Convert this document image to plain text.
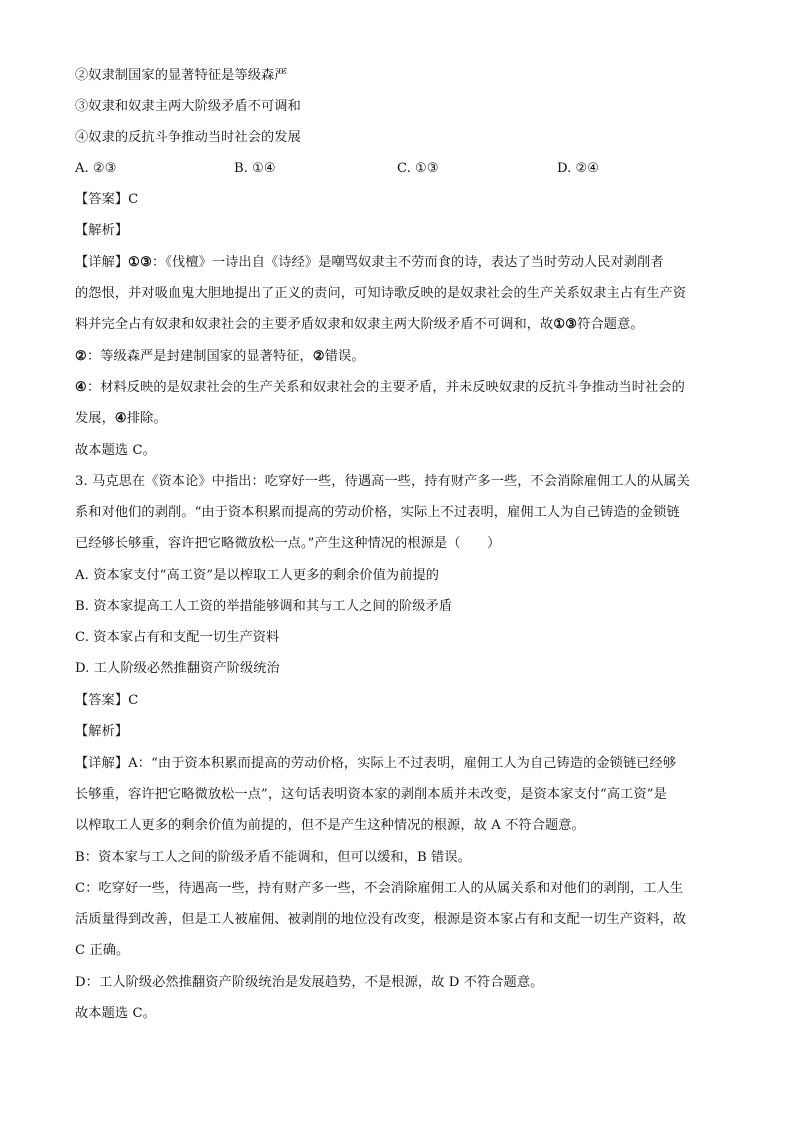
②奴隶制国家的显著特征是等级森严
③奴隶和奴隶主两大阶级矛盾不可调和
④奴隶的反抗斗争推动当时社会的发展
A. ②③	B. ①④	C. ①③	D. ②④
【答案】C
【解析】
【详解】①③：《伐檀》一诗出自《诗经》是嘲骂奴隶主不劳而食的诗，表达了当时劳动人民对剥削者
的怨恨，并对吸血鬼大胆地提出了正义的责问，可知诗歌反映的是奴隶社会的生产关系奴隶主占有生产资
料并完全占有奴隶和奴隶社会的主要矛盾奴隶和奴隶主两大阶级矛盾不可调和，故①③符合题意。
②：等级森严是封建制国家的显著特征，②错误。
④：材料反映的是奴隶社会的生产关系和奴隶社会的主要矛盾，并未反映奴隶的反抗斗争推动当时社会的
发展，④排除。
故本题选 C。
3. 马克思在《资本论》中指出：吃穿好一些，待遇高一些，持有财产多一些，不会消除雇佣工人的从属关
系和对他们的剥削。“由于资本积累而提高的劳动价格，实际上不过表明，雇佣工人为自己铸造的金锁链
已经够长够重，容许把它略微放松一点。”产生这种情况的根源是（　　）
A. 资本家支付“高工资”是以榨取工人更多的剩余价值为前提的
B. 资本家提高工人工资的举措能够调和其与工人之间的阶级矛盾
C. 资本家占有和支配一切生产资料
D. 工人阶级必然推翻资产阶级统治
【答案】C
【解析】
【详解】A：“由于资本积累而提高的劳动价格，实际上不过表明，雇佣工人为自己铸造的金锁链已经够
长够重，容许把它略微放松一点”，这句话表明资本家的剥削本质并未改变，是资本家支付“高工资”是
以榨取工人更多的剩余价值为前提的，但不是产生这种情况的根源，故 A 不符合题意。
B：资本家与工人之间的阶级矛盾不能调和，但可以缓和，B 错误。
C：吃穿好一些，待遇高一些，持有财产多一些，不会消除雇佣工人的从属关系和对他们的剥削，工人生
活质量得到改善，但是工人被雇佣、被剥削的地位没有改变，根源是资本家占有和支配一切生产资料，故
C 正确。
D：工人阶级必然推翻资产阶级统治是发展趋势，不是根源，故 D 不符合题意。
故本题选 C。
